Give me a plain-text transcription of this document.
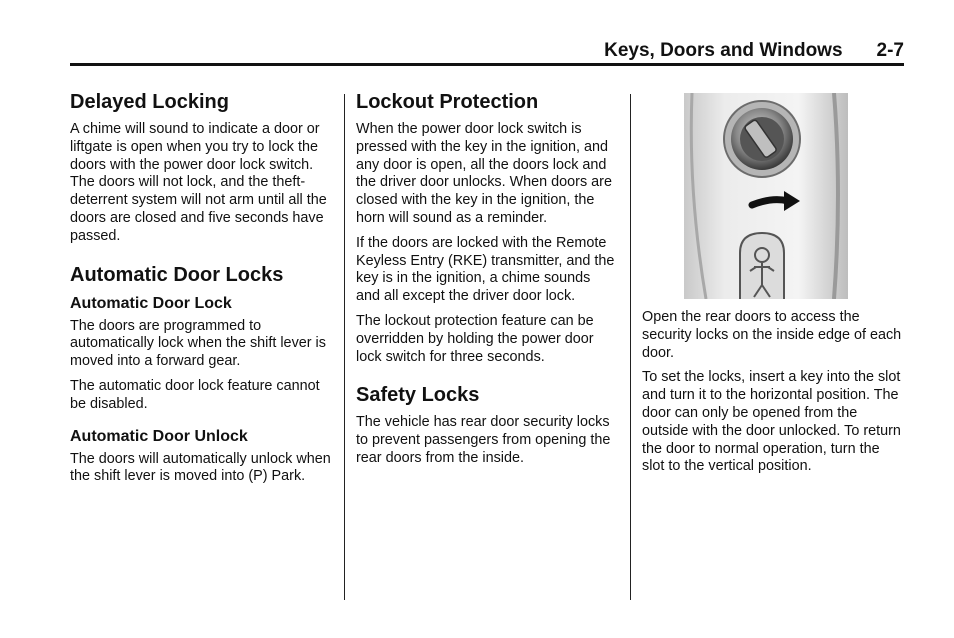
Keys, Doors and Windows 2-7
Delayed Locking

A chime will sound to indicate a door or liftgate is open when you try to lock the doors with the power door lock switch. The doors will not lock, and the theft-deterrent system will not arm until all the doors are closed and five seconds have passed.

Automatic Door Locks
Automatic Door Lock

The doors are programmed to automatically lock when the shift lever is moved into a forward gear.

The automatic door lock feature cannot be disabled.

Automatic Door Unlock

The doors will automatically unlock when the shift lever is moved into (P) Park.

Lockout Protection

When the power door lock switch is pressed with the key in the ignition, and any door is open, all the doors lock and the driver door unlocks. When doors are closed with the key in the ignition, the horn will sound as a reminder.

If the doors are locked with the Remote Keyless Entry (RKE) transmitter, and the key is in the ignition, a chime sounds and all except the driver door lock.

The lockout protection feature can be overridden by holding the power door lock switch for three seconds.

Safety Locks

The vehicle has rear door security locks to prevent passengers from opening the rear doors from the inside.

Open the rear doors to access the security locks on the inside edge of each door.

To set the locks, insert a key into the slot and turn it to the horizontal position. The door can only be opened from the outside with the door unlocked. To return the door to normal operation, turn the slot to the vertical position.
